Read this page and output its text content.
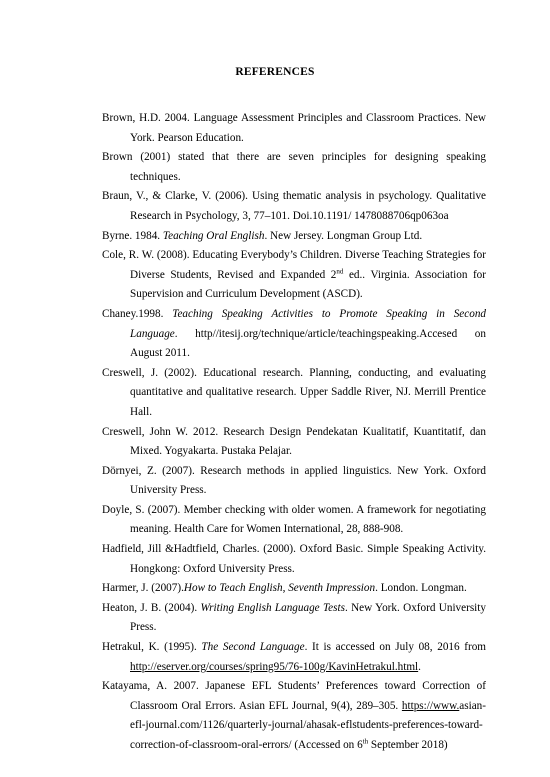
REFERENCES
Brown, H.D. 2004. Language Assessment Principles and Classroom Practices. New York. Pearson Education.
Brown (2001) stated that there are seven principles for designing speaking techniques.
Braun, V., & Clarke, V. (2006). Using thematic analysis in psychology. Qualitative Research in Psychology, 3, 77–101. Doi.10.1191/ 1478088706qp063oa
Byrne. 1984. Teaching Oral English. New Jersey. Longman Group Ltd.
Cole, R. W. (2008). Educating Everybody’s Children. Diverse Teaching Strategies for Diverse Students, Revised and Expanded 2nd ed.. Virginia. Association for Supervision and Curriculum Development (ASCD).
Chaney.1998. Teaching Speaking Activities to Promote Speaking in Second Language. http//itesij.org/technique/article/teachingspeaking.Accesed on August 2011.
Creswell, J. (2002). Educational research. Planning, conducting, and evaluating quantitative and qualitative research. Upper Saddle River, NJ. Merrill Prentice Hall.
Creswell, John W. 2012. Research Design Pendekatan Kualitatif, Kuantitatif, dan Mixed. Yogyakarta. Pustaka Pelajar.
Dörnyei, Z. (2007). Research methods in applied linguistics. New York. Oxford University Press.
Doyle, S. (2007). Member checking with older women. A framework for negotiating meaning. Health Care for Women International, 28, 888-908.
Hadfield, Jill &Hadtfield, Charles. (2000). Oxford Basic. Simple Speaking Activity. Hongkong: Oxford University Press.
Harmer, J. (2007).How to Teach English, Seventh Impression. London. Longman.
Heaton, J. B. (2004). Writing English Language Tests. New York. Oxford University Press.
Hetrakul, K. (1995). The Second Language. It is accessed on July 08, 2016 from http://eserver.org/courses/spring95/76-100g/KavinHetrakul.html.
Katayama, A. 2007. Japanese EFL Students’ Preferences toward Correction of Classroom Oral Errors. Asian EFL Journal, 9(4), 289–305. https://www.asian-efl-journal.com/1126/quarterly-journal/ahasak-eflstudents-preferences-toward-correction-of-classroom-oral-errors/ (Accessed on 6th September 2018)
